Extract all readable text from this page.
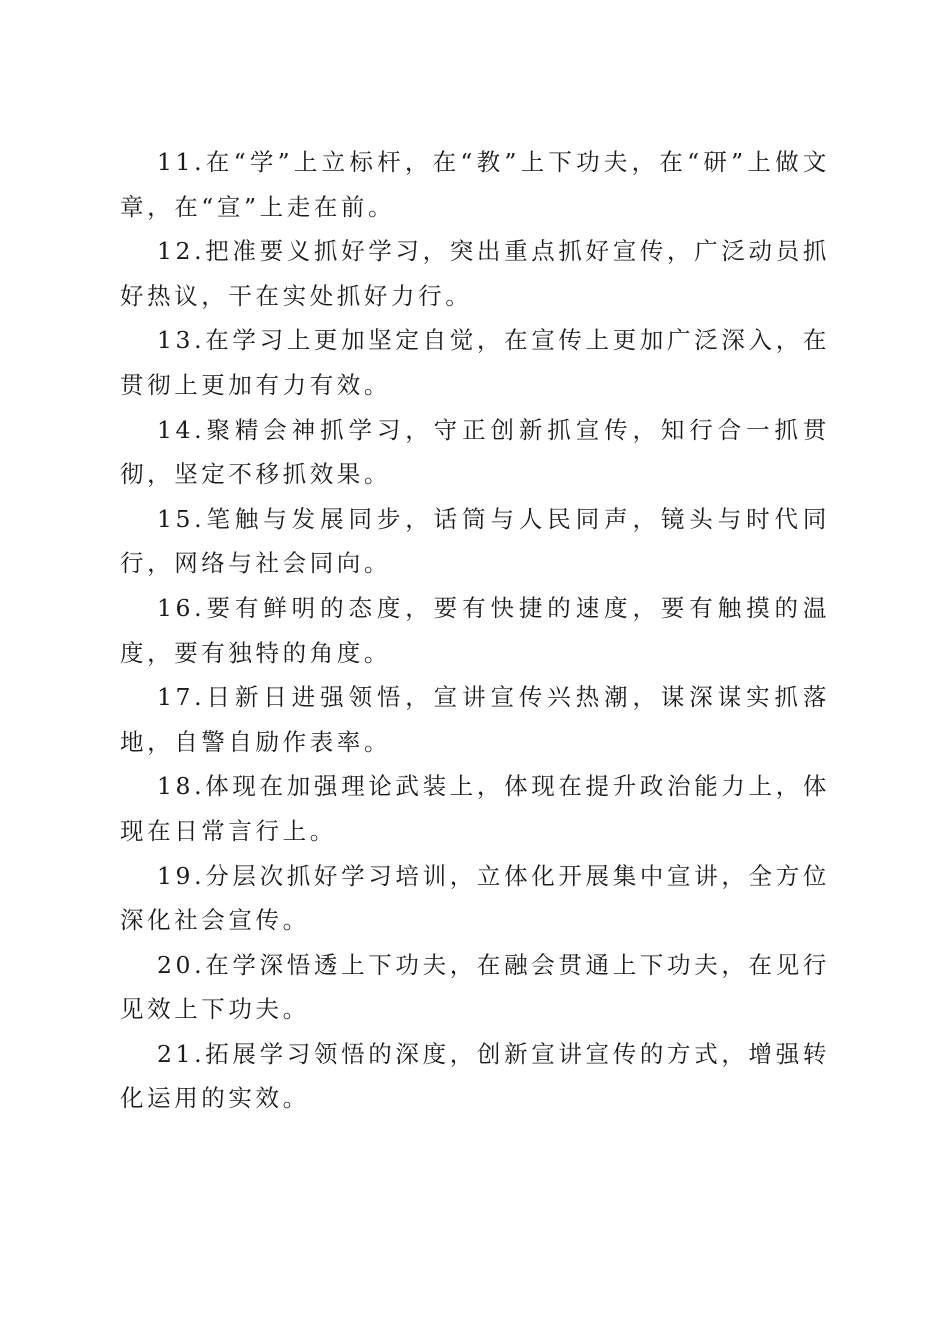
11.在“学”上立标杆，在“教”上下功夫，在“研”上做文章，在“宣”上走在前。

12.把准要义抓好学习，突出重点抓好宣传，广泛动员抓好热议，干在实处抓好力行。

13.在学习上更加坚定自觉，在宣传上更加广泛深入，在贯彻上更加有力有效。

14.聚精会神抓学习，守正创新抓宣传，知行合一抓贯彻，坚定不移抓效果。

15.笔触与发展同步，话筒与人民同声，镜头与时代同行，网络与社会同向。

16.要有鲜明的态度，要有快捷的速度，要有触摸的温度，要有独特的角度。

17.日新日进强领悟，宣讲宣传兴热潮，谋深谋实抓落地，自警自励作表率。

18.体现在加强理论武装上，体现在提升政治能力上，体现在日常言行上。

19.分层次抓好学习培训，立体化开展集中宣讲，全方位深化社会宣传。

20.在学深悟透上下功夫，在融会贯通上下功夫，在见行见效上下功夫。

21.拓展学习领悟的深度，创新宣讲宣传的方式，增强转化运用的实效。
